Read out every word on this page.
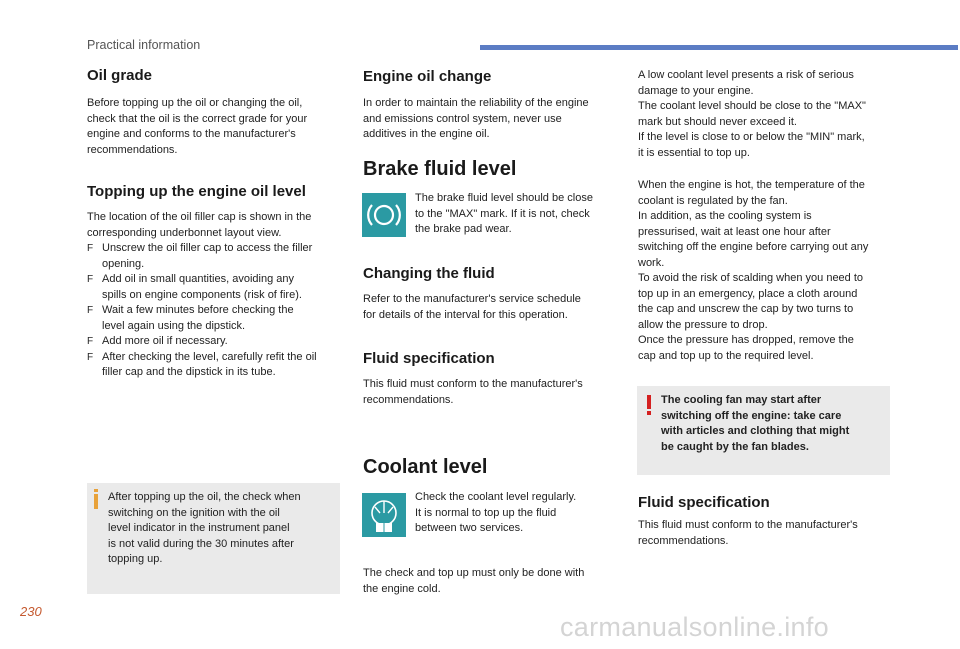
Practical information
Oil grade

Before topping up the oil or changing the oil,
check that the oil is the correct grade for your
engine and conforms to the manufacturer's
recommendations.

Topping up the engine oil level

The location of the oil filler cap is shown in the
corresponding underbonnet layout view.

F Unscrew the oil filler cap to access the filler
opening.
F Add oil in small quantities, avoiding any
spills on engine components (risk of fire).
F Wait a few minutes before checking the
level again using the dipstick.
F Add more oil if necessary.
F After checking the level, carefully refit the oil
filler cap and the dipstick in its tube.
After topping up the oil, the check when
switching on the ignition with the oil
level indicator in the instrument panel
is not valid during the 30 minutes after
topping up.
Engine oil change

In order to maintain the reliability of the engine
and emissions control system, never use
additives in the engine oil.

Brake fluid level

The brake fluid level should be close
to the "MAX" mark. If it is not, check
the brake pad wear.

Changing the fluid

Refer to the manufacturer's service schedule
for details of the interval for this operation.

Fluid specification

This fluid must conform to the manufacturer's
recommendations.

Coolant level

Check the coolant level regularly.
It is normal to top up the fluid
between two services.

The check and top up must only be done with
the engine cold.

A low coolant level presents a risk of serious
damage to your engine.
The coolant level should be close to the "MAX"
mark but should never exceed it.
If the level is close to or below the "MIN" mark,
it is essential to top up.

When the engine is hot, the temperature of the
coolant is regulated by the fan.
In addition, as the cooling system is
pressurised, wait at least one hour after
switching off the engine before carrying out any
work.
To avoid the risk of scalding when you need to
top up in an emergency, place a cloth around
the cap and unscrew the cap by two turns to
allow the pressure to drop.
Once the pressure has dropped, remove the
cap and top up to the required level.

The cooling fan may start after
switching off the engine: take care
with articles and clothing that might
be caught by the fan blades.
Fluid specification

This fluid must conform to the manufacturer's
recommendations.

230
carmanualsonline.info
